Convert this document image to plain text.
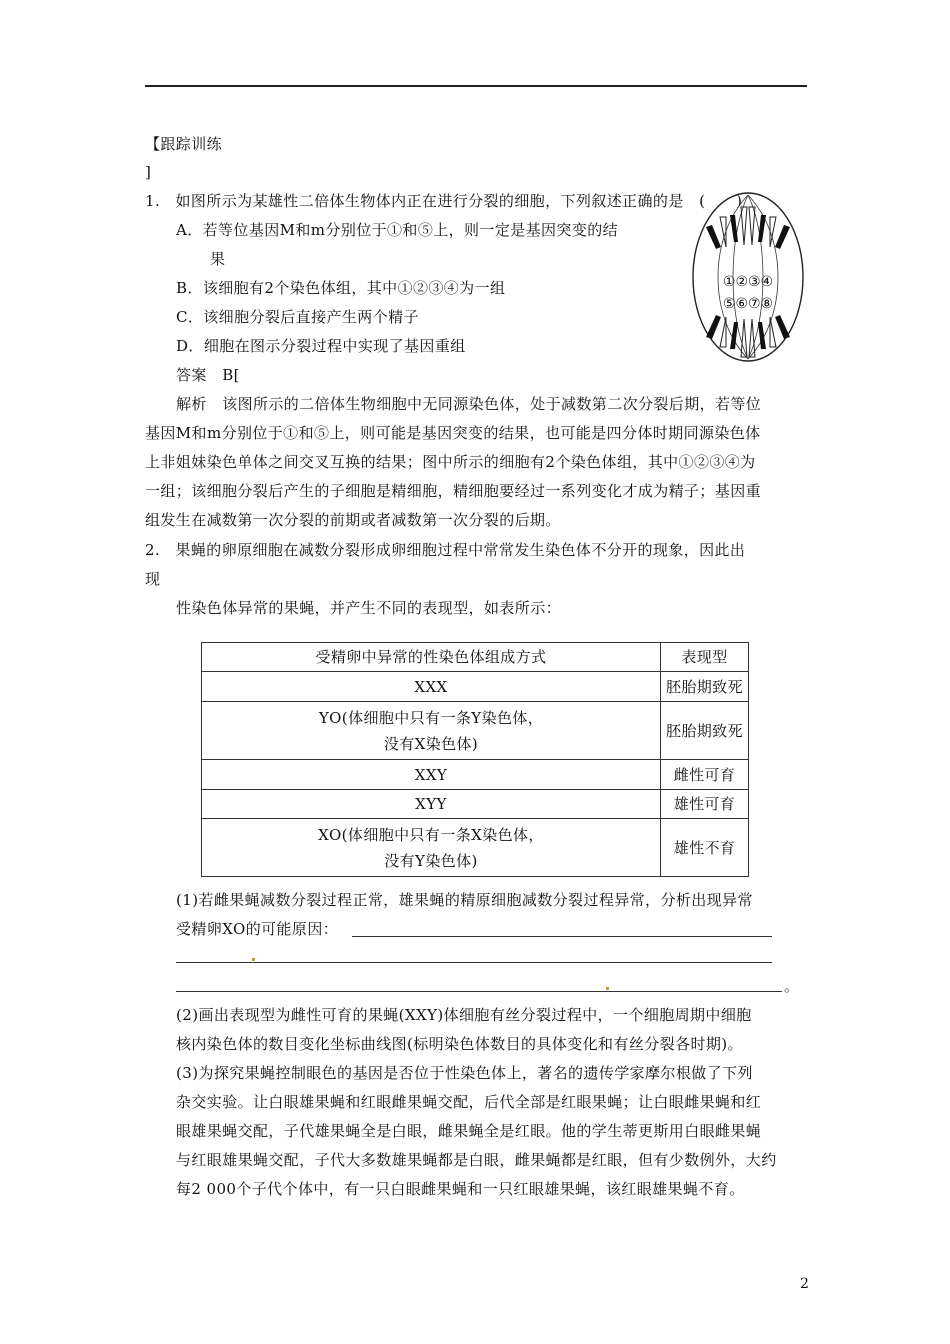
【跟踪训练
]
1.　如图所示为某雄性二倍体生物体内正在进行分裂的细胞，下列叙述正确的是　(　　)
A．若等位基因M和m分别位于①和⑤上，则一定是基因突变的结
果
B．该细胞有2个染色体组，其中①②③④为一组
C．该细胞分裂后直接产生两个精子
D．细胞在图示分裂过程中实现了基因重组
答案　B[
①②③④
⑤⑥⑦⑧
解析　该图所示的二倍体生物细胞中无同源染色体，处于减数第二次分裂后期，若等位
基因M和m分别位于①和⑤上，则可能是基因突变的结果，也可能是四分体时期同源染色体
上非姐妹染色单体之间交叉互换的结果；图中所示的细胞有2个染色体组，其中①②③④为
一组；该细胞分裂后产生的子细胞是精细胞，精细胞要经过一系列变化才成为精子；基因重
组发生在减数第一次分裂的前期或者减数第一次分裂的后期。
2.　果蝇的卵原细胞在减数分裂形成卵细胞过程中常常发生染色体不分开的现象，因此出
现
性染色体异常的果蝇，并产生不同的表现型，如表所示：
受精卵中异常的性染色体组成方式	表现型
XXX	胚胎期致死

YO(体细胞中只有一条Y染色体，
没有X染色体)	胚胎期致死
XXY	雌性可育
XYY	雄性可育

XO(体细胞中只有一条X染色体，
没有Y染色体)	雄性不育
(1)若雌果蝇减数分裂过程正常，雄果蝇的精原细胞减数分裂过程异常，分析出现异常
受精卵XO的可能原因：
。
(2)画出表现型为雌性可育的果蝇(XXY)体细胞有丝分裂过程中，一个细胞周期中细胞
核内染色体的数目变化坐标曲线图(标明染色体数目的具体变化和有丝分裂各时期)。
(3)为探究果蝇控制眼色的基因是否位于性染色体上，著名的遗传学家摩尔根做了下列
杂交实验。让白眼雄果蝇和红眼雌果蝇交配，后代全部是红眼果蝇；让白眼雌果蝇和红
眼雄果蝇交配，子代雄果蝇全是白眼，雌果蝇全是红眼。他的学生蒂更斯用白眼雌果蝇
与红眼雄果蝇交配，子代大多数雄果蝇都是白眼，雌果蝇都是红眼，但有少数例外，大约
每2 000个子代个体中，有一只白眼雌果蝇和一只红眼雄果蝇，该红眼雄果蝇不育。
2
